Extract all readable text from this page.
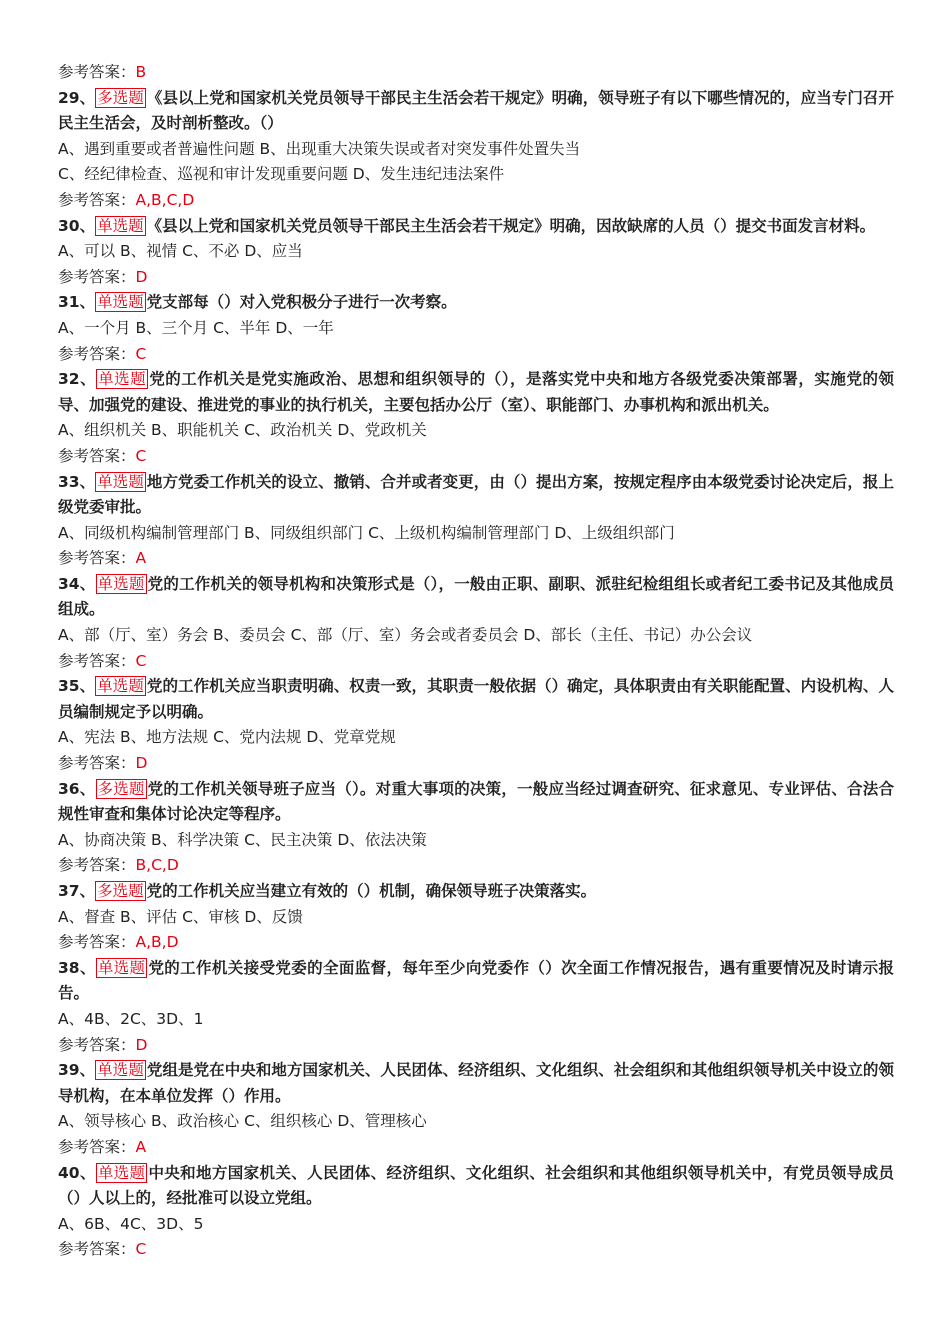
参考答案：B
29、 多选题 《县以上党和国家机关党员领导干部民主生活会若干规定》明确，领导班子有以下哪些情况的，应当专门召开民主生活会，及时剖析整改。（）
A、遇到重要或者普遍性问题 B、出现重大决策失误或者对突发事件处置失当
C、经纪律检查、巡视和审计发现重要问题 D、发生违纪违法案件
参考答案：A,B,C,D
30、 单选题 《县以上党和国家机关党员领导干部民主生活会若干规定》明确，因故缺席的人员（）提交书面发言材料。
A、可以 B、视情 C、不必 D、应当
参考答案：D
31、 单选题 党支部每（）对入党积极分子进行一次考察。
A、一个月 B、三个月 C、半年 D、一年
参考答案：C
32、 单选题 党的工作机关是党实施政治、思想和组织领导的（），是落实党中央和地方各级党委决策部署，实施党的领导、加强党的建设、推进党的事业的执行机关，主要包括办公厅（室）、职能部门、办事机构和派出机关。
A、组织机关 B、职能机关 C、政治机关 D、党政机关
参考答案：C
33、 单选题 地方党委工作机关的设立、撤销、合并或者变更，由（）提出方案，按规定程序由本级党委讨论决定后，报上级党委审批。
A、同级机构编制管理部门 B、同级组织部门 C、上级机构编制管理部门 D、上级组织部门
参考答案：A
34、 单选题 党的工作机关的领导机构和决策形式是（），一般由正职、副职、派驻纪检组组长或者纪工委书记及其他成员组成。
A、部（厅、室）务会 B、委员会 C、部（厅、室）务会或者委员会 D、部长（主任、书记）办公会议
参考答案：C
35、 单选题 党的工作机关应当职责明确、权责一致，其职责一般依据（）确定，具体职责由有关职能配置、内设机构、人员编制规定予以明确。
A、宪法 B、地方法规 C、党内法规 D、党章党规
参考答案：D
36、 多选题 党的工作机关领导班子应当（）。对重大事项的决策，一般应当经过调查研究、征求意见、专业评估、合法合规性审查和集体讨论决定等程序。
A、协商决策 B、科学决策 C、民主决策 D、依法决策
参考答案：B,C,D
37、 多选题 党的工作机关应当建立有效的（）机制，确保领导班子决策落实。
A、督查 B、评估 C、审核 D、反馈
参考答案：A,B,D
38、 单选题 党的工作机关接受党委的全面监督，每年至少向党委作（）次全面工作情况报告，遇有重要情况及时请示报告。
A、4B、2C、3D、1
参考答案：D
39、 单选题 党组是党在中央和地方国家机关、人民团体、经济组织、文化组织、社会组织和其他组织领导机关中设立的领导机构，在本单位发挥（）作用。
A、领导核心 B、政治核心 C、组织核心 D、管理核心
参考答案：A
40、 单选题 中央和地方国家机关、人民团体、经济组织、文化组织、社会组织和其他组织领导机关中，有党员领导成员（）人以上的，经批准可以设立党组。
A、6B、4C、3D、5
参考答案：C
